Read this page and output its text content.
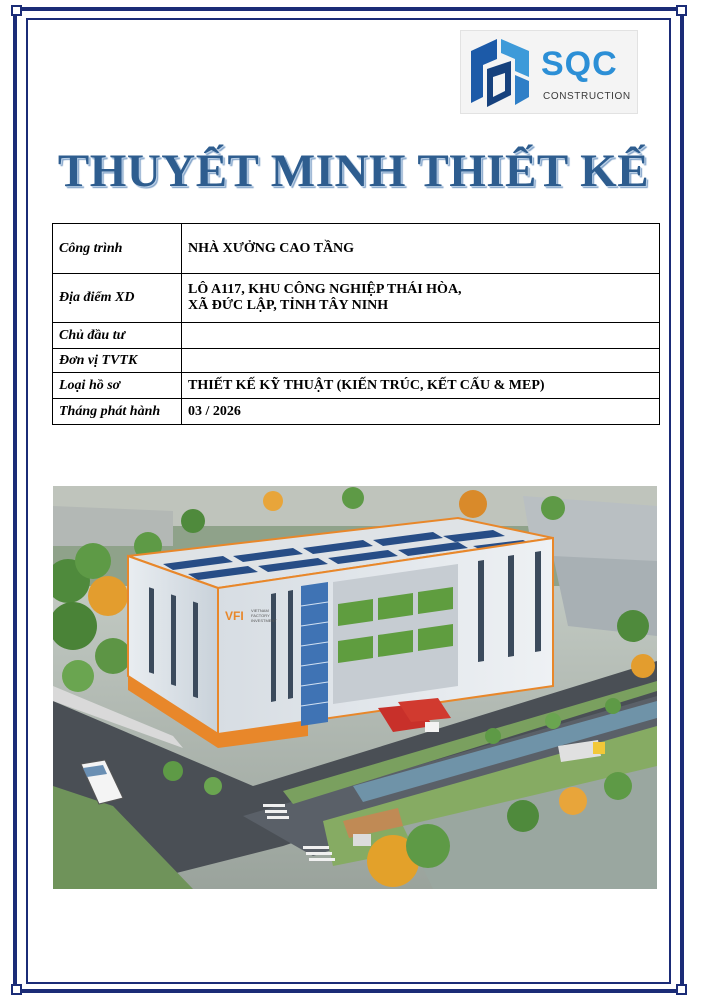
SQC
CONSTRUCTION
THUYẾT MINH THIẾT KẾ
Công trình	NHÀ XƯỞNG CAO TẦNG
Địa điểm XD	LÔ A117, KHU CÔNG NGHIỆP THÁI HÒA,
XÃ ĐỨC LẬP, TỈNH TÂY NINH

Chủ đầu tư	
Đơn vị TVTK	
Loại hồ sơ	THIẾT KẾ KỸ THUẬT (KIẾN TRÚC, KẾT CẤU & MEP)
Tháng phát hành	03 / 2026
VFI VIETNAM
FACTORY
INVESTMENT
